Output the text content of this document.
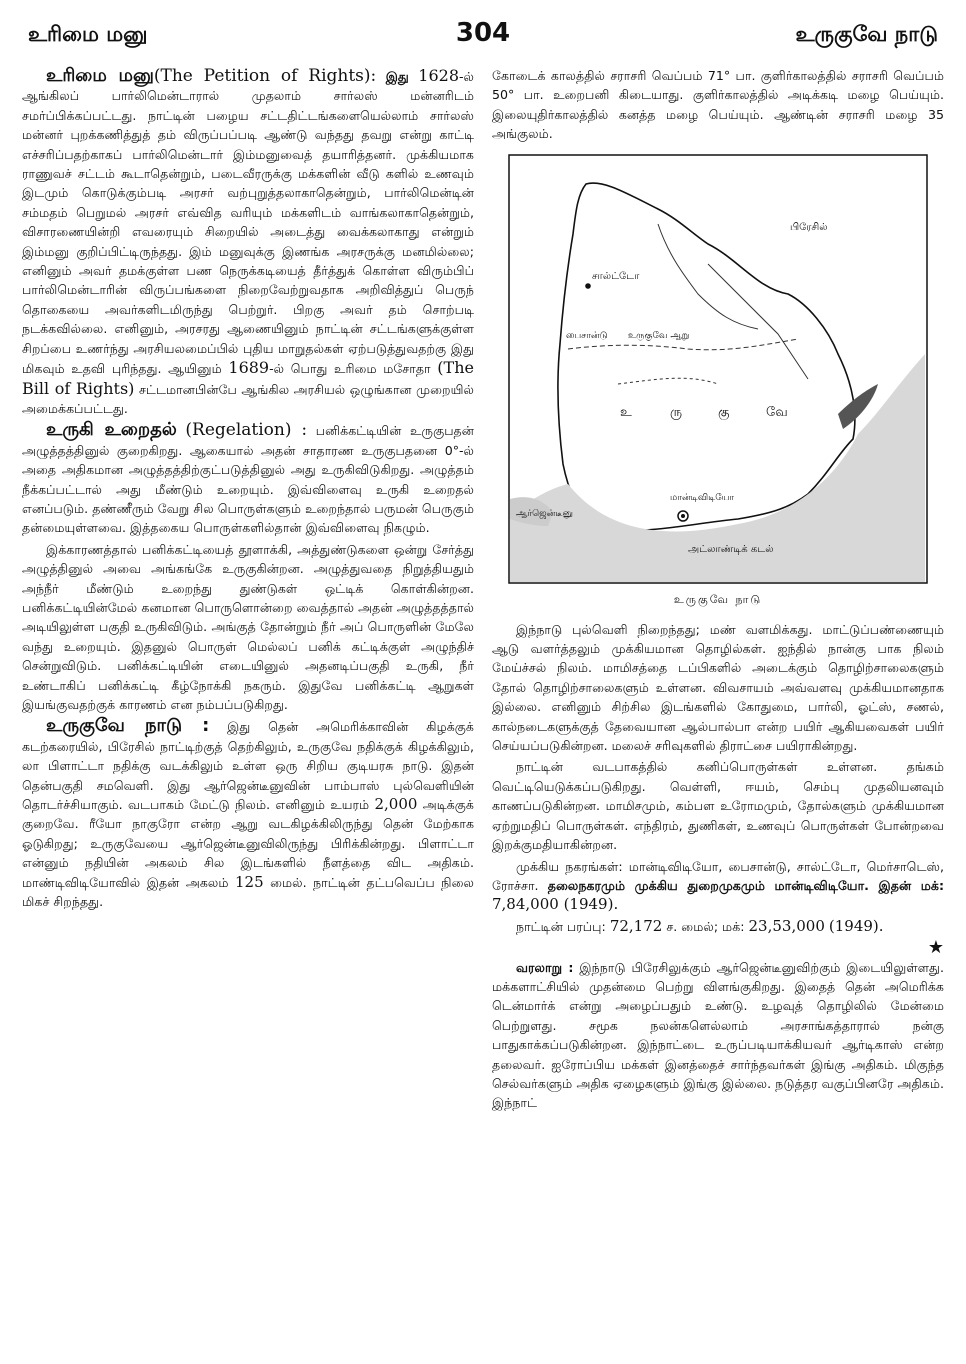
உரிமை மனு	304	உருகுவே நாடு

உரிமை மனு(The Petition of Rights): இது 1628-ல் ஆங்கிலப் பார்லிமென்டாரால் முதலாம் சார்லஸ் மன்னரிடம் சமர்ப்பிக்கப்பட்டது. நாட்டின் பழைய சட்டதிட்டங்களையெல்லாம் சார்லஸ் மன்னர் புறக்கணித்துத் தம் விருப்பப்படி ஆண்டு வந்தது தவறு என்று காட்டி எச்சரிப்பதற்காகப் பார்லிமென்டார் இம்மனுவைத் தயாரித்தனர். முக்கியமாக ராணுவச் சட்டம் கூடாதென்றும், படைவீரருக்கு மக்களின் வீடு களில் உணவும் இடமும் கொடுக்கும்படி அரசர் வற்புறுத்தலாகாதென்றும், பார்லிமென்டின் சம்மதம் பெறுமல் அரசர் எவ்வித வரியும் மக்களிடம் வாங்கலாகாதென்றும், விசாரணையின்றி எவரையும் சிறையில் அடைத்து வைக்கலாகாது என்றும் இம்மனு குறிப்பிட்டிருந்தது. இம் மனுவுக்கு இணங்க அரசருக்கு மனமில்லை; எனினும் அவர் தமக்குள்ள பண நெருக்கடியைத் தீர்த்துக் கொள்ள விரும்பிப் பார்லிமென்டாரின் விருப்பங்களை நிறைவேற்றுவதாக அறிவித்துப் பெருந் தொகையை அவர்களிடமிருந்து பெற்றுர். பிறகு அவர் தம் சொற்படி நடக்கவில்லை. எனினும், அரசரது ஆணையினும் நாட்டின் சட்டங்களுக்குள்ள சிறப்பை உணர்ந்து அரசியலமைப்பில் புதிய மாறுதல்கள் ஏற்படுத்துவதற்கு இது மிகவும் உதவி புரிந்தது. ஆயினும் 1689-ல் பொது உரிமை மசோதா (The Bill of Rights) சட்டமானபின்பே ஆங்கில அரசியல் ஒழுங்கான முறையில் அமைக்கப்பட்டது.

உருகி உறைதல் (Regelation) : பனிக்கட்டியின் உருகுபதன் அழுத்தத்தினுல் குறைகிறது. ஆகையால் அதன் சாதாரண உருகுபதனை 0°-ல் அதை அதிகமான அழுத்தத்திற்குட்படுத்தினுல் அது உருகிவிடுகிறது. அழுத்தம் நீக்கப்பட்டால் அது மீண்டும் உறையும். இவ்விளைவு உருகி உறைதல் எனப்படும். தண்ணீரும் வேறு சில பொருள்களும் உறைந்தால் பருமன் பெருகும் தன்மையுள்ளவை. இத்தகைய பொருள்களில்தான் இவ்விளைவு நிகழும்.

இக்காரணத்தால் பனிக்கட்டியைத் தூளாக்கி, அத்துண்டுகளை ஒன்று சேர்த்து அழுத்தினுல் அவை அங்கங்கே உருகுகின்றன. அழுத்துவதை நிறுத்தியதும் அந்நீர் மீண்டும் உறைந்து துண்டுகள் ஒட்டிக் கொள்கின்றன. பனிக்கட்டியின்மேல் கனமான பொருளொன்றை வைத்தால் அதன் அழுத்தத்தால் அடியிலுள்ள பகுதி உருகிவிடும். அங்குத் தோன்றும் நீர் அப் பொருளின் மேலே வந்து உறையும். இதனுல் பொருள் மெல்லப் பனிக் கட்டிக்குள் அழுந்திச் சென்றுவிடும். பனிக்கட்டியின் எடையினுல் அதனடிப்பகுதி உருகி, நீர் உண்டாகிப் பனிக்கட்டி கீழ்நோக்கி நகரும். இதுவே பனிக்கட்டி ஆறுகள் இயங்குவதற்குக் காரணம் என நம்பப்படுகிறது.

உருகுவே நாடு : இது தென் அமெரிக்காவின் கிழக்குக் கடற்கரையில், பிரேசில் நாட்டிற்குத் தெற்கிலும், உருகுவே நதிக்குக் கிழக்கிலும், லா பிளாட்டா நதிக்கு வடக்கிலும் உள்ள ஒரு சிறிய குடியரசு நாடு. இதன் தென்பகுதி சமவெளி. இது ஆர்ஜென்டீனுவின் பாம்பாஸ் புல்வெளியின் தொடர்ச்சியாகும். வடபாகம் மேட்டு நிலம். எனினும் உயரம் 2,000 அடிக்குக் குறைவே. ரீயோ நாகுரோ என்ற ஆறு வடகிழக்கிலிருந்து தென் மேற்காக ஓடுகிறது; உருகுவேயை ஆர்ஜென்டீனுவிலிருந்து பிரிக்கின்றது. பிளாட்டா என்னும் நதியின் அகலம் சில இடங்களில் நீளத்தை விட அதிகம். மாண்டிவிடியோவில் இதன் அகலம் 125 மைல். நாட்டின் தட்பவெப்ப நிலை மிகச் சிறந்தது.

கோடைக் காலத்தில் சராசரி வெப்பம் 71° பா. குளிர்காலத்தில் சராசரி வெப்பம் 50° பா. உறைபனி கிடையாது. குளிர்காலத்தில் அடிக்கடி மழை பெய்யும். இலையுதிர்காலத்தில் கனத்த மழை பெய்யும். ஆண்டின் சராசரி மழை 35 அங்குலம்.

பிரேசில்
சால்ட்டோ
பைசான்டு உருகுவே ஆறு
உ	ரு	கு	வே
மான்டிவிடியோ
ஆர்ஜென்டீனு
அட்லாண்டிக் கடல்
உருகுவே நாடு

இந்நாடு புல்வெளி நிறைந்தது; மண் வளமிக்கது. மாட்டுப்பண்ணையும் ஆடு வளர்த்தலும் முக்கியமான தொழில்கள். ஐந்தில் நான்கு பாக நிலம் மேய்ச்சல் நிலம். மாமிசத்தை டப்பிகளில் அடைக்கும் தொழிற்சாலைகளும் தோல் தொழிற்சாலைகளும் உள்ளன. விவசாயம் அவ்வளவு முக்கியமானதாக இல்லை. எனினும் சிற்சில இடங்களில் கோதுமை, பார்லி, ஓட்ஸ், சணல், கால்நடைகளுக்குத் தேவையான ஆல்பால்பா என்ற பயிர் ஆகியவைகள் பயிர் செய்யப்படுகின்றன. மலைச் சரிவுகளில் திராட்சை பயிராகின்றது.

நாட்டின் வடபாகத்தில் கனிப்பொருள்கள் உள்ளன. தங்கம் வெட்டியெடுக்கப்படுகிறது. வெள்ளி, ஈயம், செம்பு முதலியனவும் காணப்படுகின்றன. மாமிசமும், கம்பள உரோமமும், தோல்களும் முக்கியமான ஏற்றுமதிப் பொருள்கள். எந்திரம், துணிகள், உணவுப் பொருள்கள் போன்றவை இறக்குமதியாகின்றன.

முக்கிய நகரங்கள்: மான்டிவிடியோ, பைசான்டு, சால்ட்டோ, மெர்சாடெஸ், ரோச்சா. தலைநகரமும் முக்கிய துறைமுகமும் மான்டிவிடியோ. இதன் மக்: 7,84,000 (1949).

நாட்டின் பரப்பு: 72,172 ச. மைல்; மக்: 23,53,000 (1949).

★

வரலாறு : இந்நாடு பிரேசிலுக்கும் ஆர்ஜென்டீனுவிற்கும் இடையிலுள்ளது. மக்களாட்சியில் முதன்மை பெற்று விளங்குகிறது. இதைத் தென் அமெரிக்க டென்மார்க் என்று அழைப்பதும் உண்டு. உழவுத் தொழிலில் மேன்மை பெற்றுளது. சமூக நலன்களெல்லாம் அரசாங்கத்தாரால் நன்கு பாதுகாக்கப்படுகின்றன. இந்நாட்டை உருப்படியாக்கியவர் ஆர்டிகாஸ் என்ற தலைவர். ஐரோப்பிய மக்கள் இனத்தைச் சார்ந்தவர்கள் இங்கு அதிகம். மிகுந்த செல்வர்களும் அதிக ஏழைகளும் இங்கு இல்லை. நடுத்தர வகுப்பினரே அதிகம். இந்நாட்
